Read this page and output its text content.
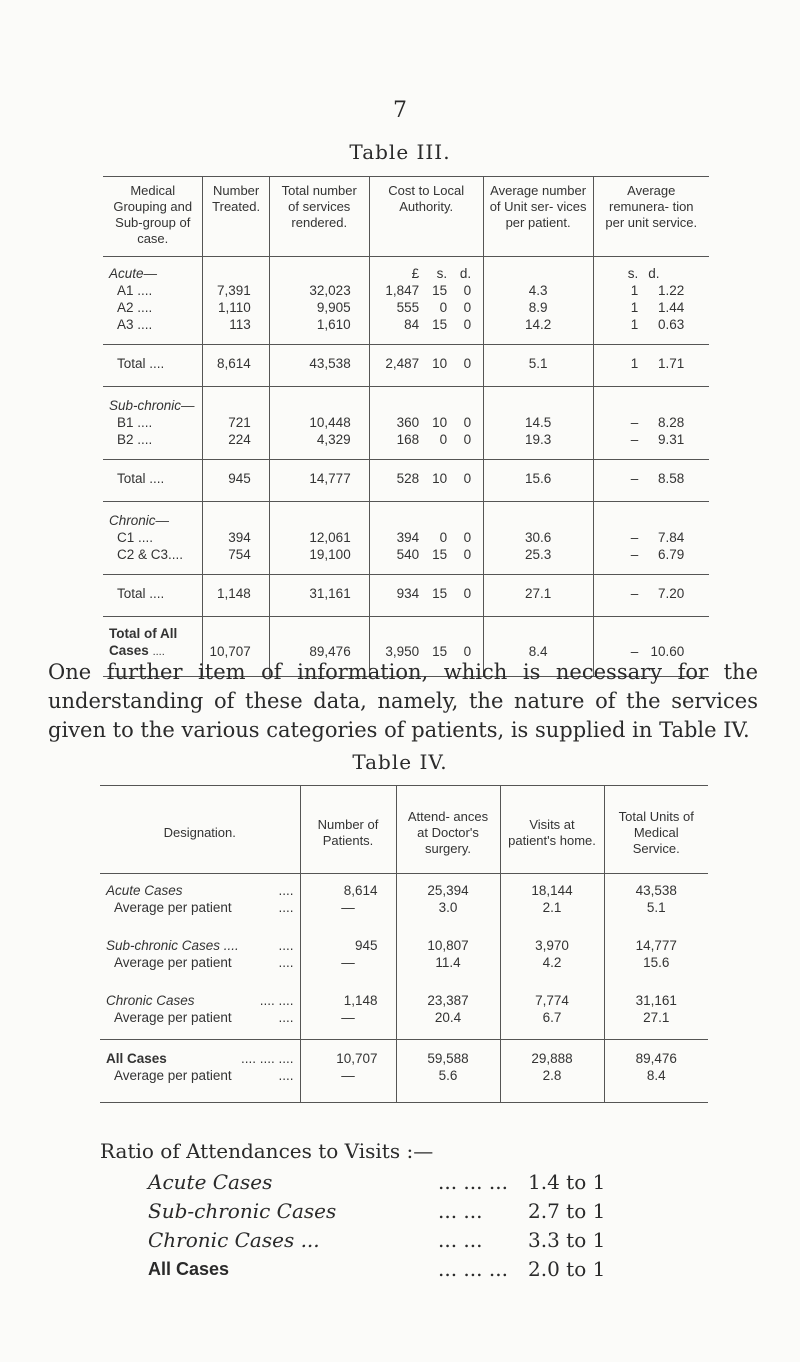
7
Table III.
Medical Grouping and Sub-group of case.	Number Treated.	Total number of services rendered.	Cost to Local Authority.	Average number of Unit ser- vices per patient.	Average remunera- tion per unit service.
Acute—			£ s. d.		s. d.

A1 ....	7,391	32,023	1,847 15 0	4.3	1 1.22

A2 ....	1,110	9,905	555 0 0	8.9	1 1.44

A3 ....	113	1,610	84 15 0	14.2	1 0.63

Total ....	8,614	43,538	2,487 10 0	5.1	1 1.71

Sub-chronic—					
B1 ....	721	10,448	360 10 0	14.5	– 8.28

B2 ....	224	4,329	168 0 0	19.3	– 9.31

Total ....	945	14,777	528 10 0	15.6	– 8.58

Chronic—					
C1 ....	394	12,061	394 0 0	30.6	– 7.84

C2 & C3....	754	19,100	540 15 0	25.3	– 6.79

Total ....	1,148	31,161	934 15 0	27.1	– 7.20

Total of All Cases ....	10,707	89,476	3,950 15 0	8.4	– 10.60
One further item of information, which is necessary for the understanding of these data, namely, the nature of the services given to the various categories of patients, is supplied in Table IV.
Table IV.
Designation.	Number of Patients.	Attend- ances at Doctor's surgery.	Visits at patient's home.	Total Units of Medical Service.
Acute Cases ....	8,614	25,394	18,144	43,538
Average per patient ....	—	3.0	2.1	5.1
Sub-chronic Cases .... ....	945	10,807	3,970	14,777
Average per patient ....	—	11.4	4.2	15.6
Chronic Cases .... ....	1,148	23,387	7,774	31,161
Average per patient ....	—	20.4	6.7	27.1
All Cases .... .... ....	10,707	59,588	29,888	89,476
Average per patient ....	—	5.6	2.8	8.4
Ratio of Attendances to Visits :—
Acute Cases	... ... ...	1.4 to 1
Sub-chronic Cases	... ...	2.7 to 1
Chronic Cases ...	... ...	3.3 to 1
All Cases	... ... ...	2.0 to 1
